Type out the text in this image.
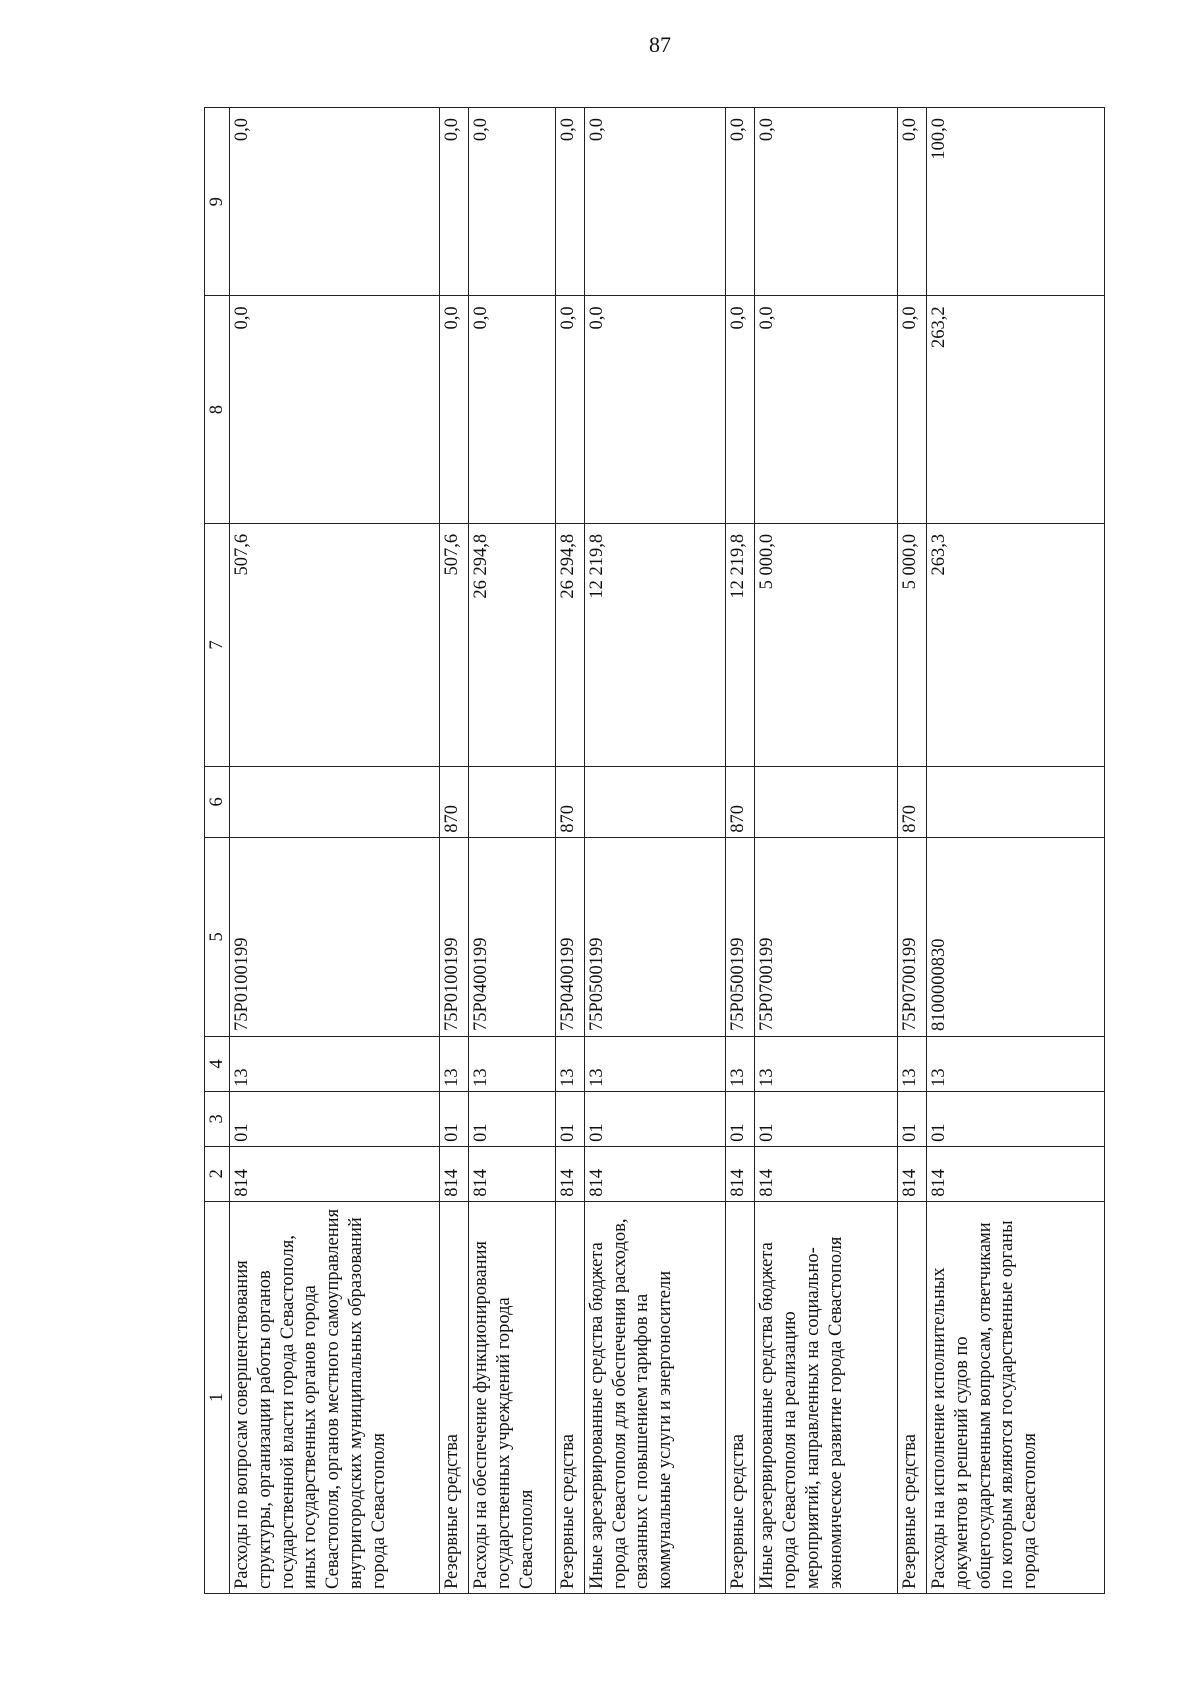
87
1	2	3	4	5	6	7	8	9
Расходы по вопросам совершенствования структуры, организации работы органов государственной власти города Севастополя, иных государственных органов города Севастополя, органов местного самоуправления внутригородских муниципальных образований города Севастополя	814	01	13	75Р0100199		507,6	0,0	0,0
Резервные средства	814	01	13	75Р0100199	870	507,6	0,0	0,0
Расходы на обеспечение функционирования государственных учреждений города Севастополя	814	01	13	75Р0400199		26 294,8	0,0	0,0
Резервные средства	814	01	13	75Р0400199	870	26 294,8	0,0	0,0
Иные зарезервированные средства бюджета города Севастополя для обеспечения расходов, связанных с повышением тарифов на коммунальные услуги и энергоносители	814	01	13	75Р0500199		12 219,8	0,0	0,0
Резервные средства	814	01	13	75Р0500199	870	12 219,8	0,0	0,0
Иные зарезервированные средства бюджета города Севастополя на реализацию мероприятий, направленных на социально-экономическое развитие города Севастополя	814	01	13	75Р0700199		5 000,0	0,0	0,0
Резервные средства	814	01	13	75Р0700199	870	5 000,0	0,0	0,0
Расходы на исполнение исполнительных документов и решений судов по общегосударственным вопросам, ответчиками по которым являются государственные органы города Севастополя	814	01	13	8100000830		263,3	263,2	100,0
